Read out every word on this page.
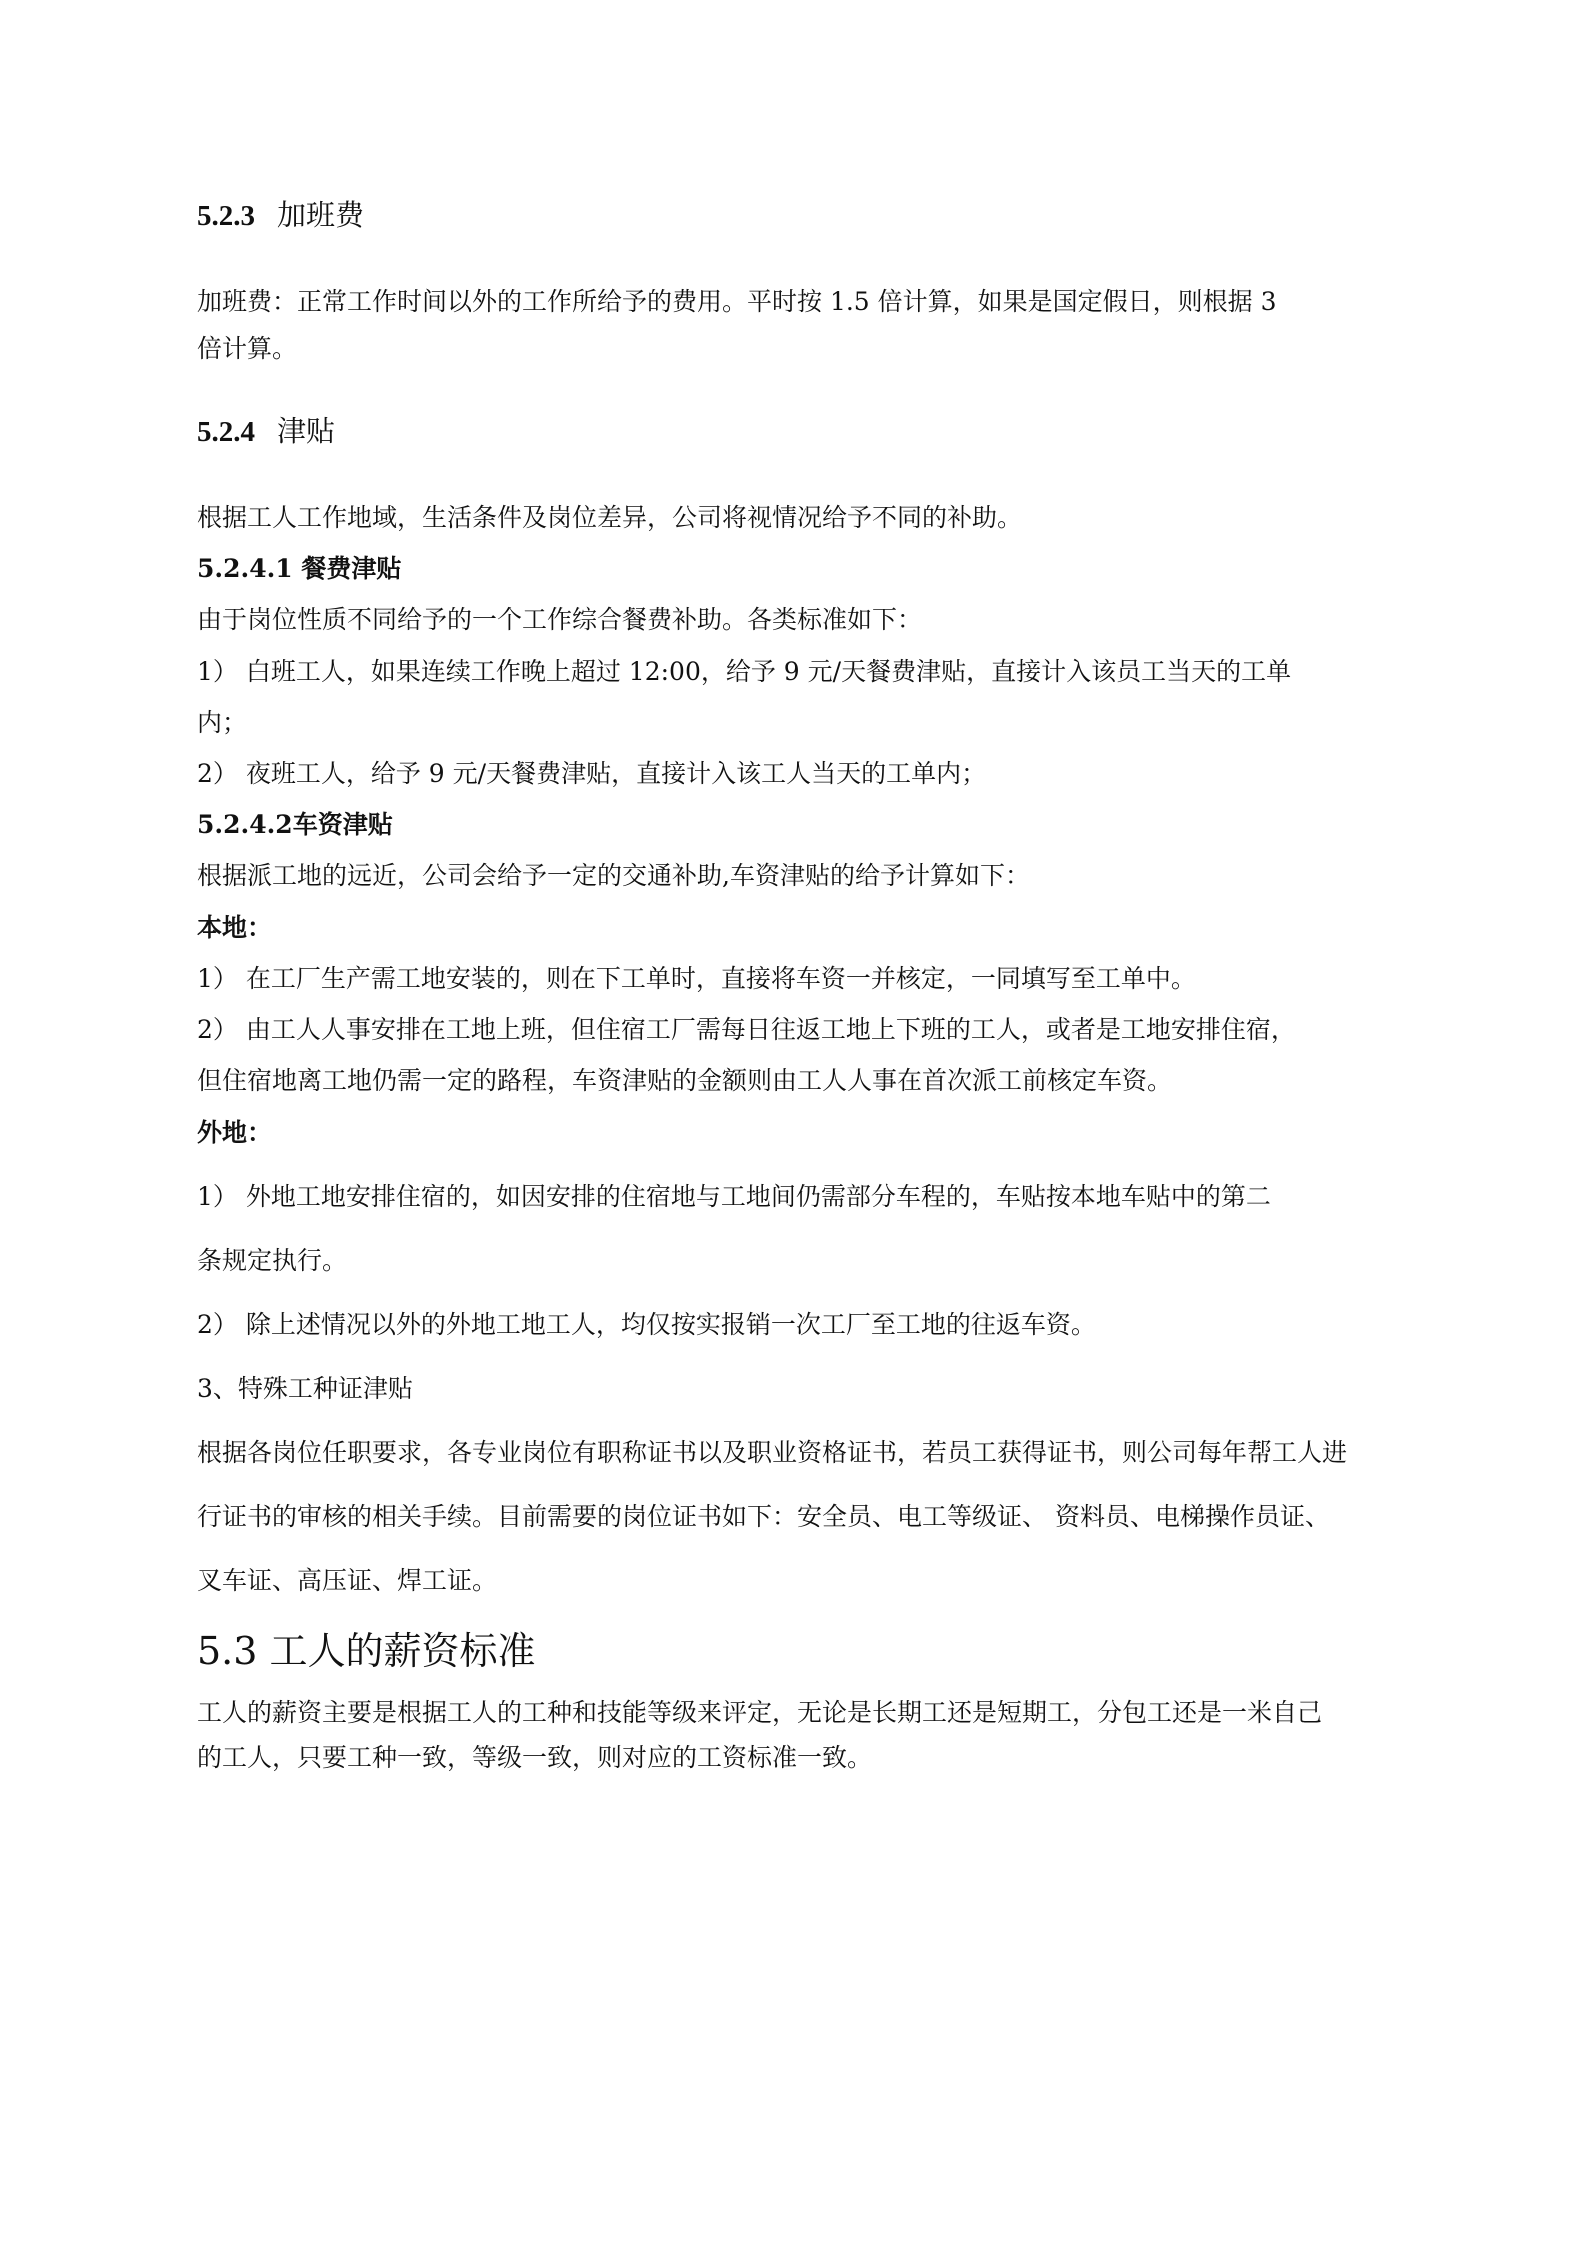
5.2.3 加班费
加班费：正常工作时间以外的工作所给予的费用。平时按 1.5 倍计算，如果是国定假日，则根据 3
倍计算。
5.2.4 津贴
根据工人工作地域，生活条件及岗位差异，公司将视情况给予不同的补助。
5.2.4.1 餐费津贴
由于岗位性质不同给予的一个工作综合餐费补助。各类标准如下：
1） 白班工人，如果连续工作晚上超过 12:00，给予 9 元/天餐费津贴，直接计入该员工当天的工单
内；
2） 夜班工人，给予 9 元/天餐费津贴，直接计入该工人当天的工单内；
5.2.4.2车资津贴
根据派工地的远近，公司会给予一定的交通补助,车资津贴的给予计算如下：
本地：
1） 在工厂生产需工地安装的，则在下工单时，直接将车资一并核定，一同填写至工单中。
2） 由工人人事安排在工地上班，但住宿工厂需每日往返工地上下班的工人，或者是工地安排住宿，
但住宿地离工地仍需一定的路程，车资津贴的金额则由工人人事在首次派工前核定车资。
外地：
1） 外地工地安排住宿的，如因安排的住宿地与工地间仍需部分车程的，车贴按本地车贴中的第二
条规定执行。
2） 除上述情况以外的外地工地工人，均仅按实报销一次工厂至工地的往返车资。
3、特殊工种证津贴
根据各岗位任职要求，各专业岗位有职称证书以及职业资格证书，若员工获得证书，则公司每年帮工人进
行证书的审核的相关手续。目前需要的岗位证书如下：安全员、电工等级证、 资料员、电梯操作员证、
叉车证、高压证、焊工证。
5.3 工人的薪资标准
工人的薪资主要是根据工人的工种和技能等级来评定，无论是长期工还是短期工，分包工还是一米自己
的工人，只要工种一致，等级一致，则对应的工资标准一致。
